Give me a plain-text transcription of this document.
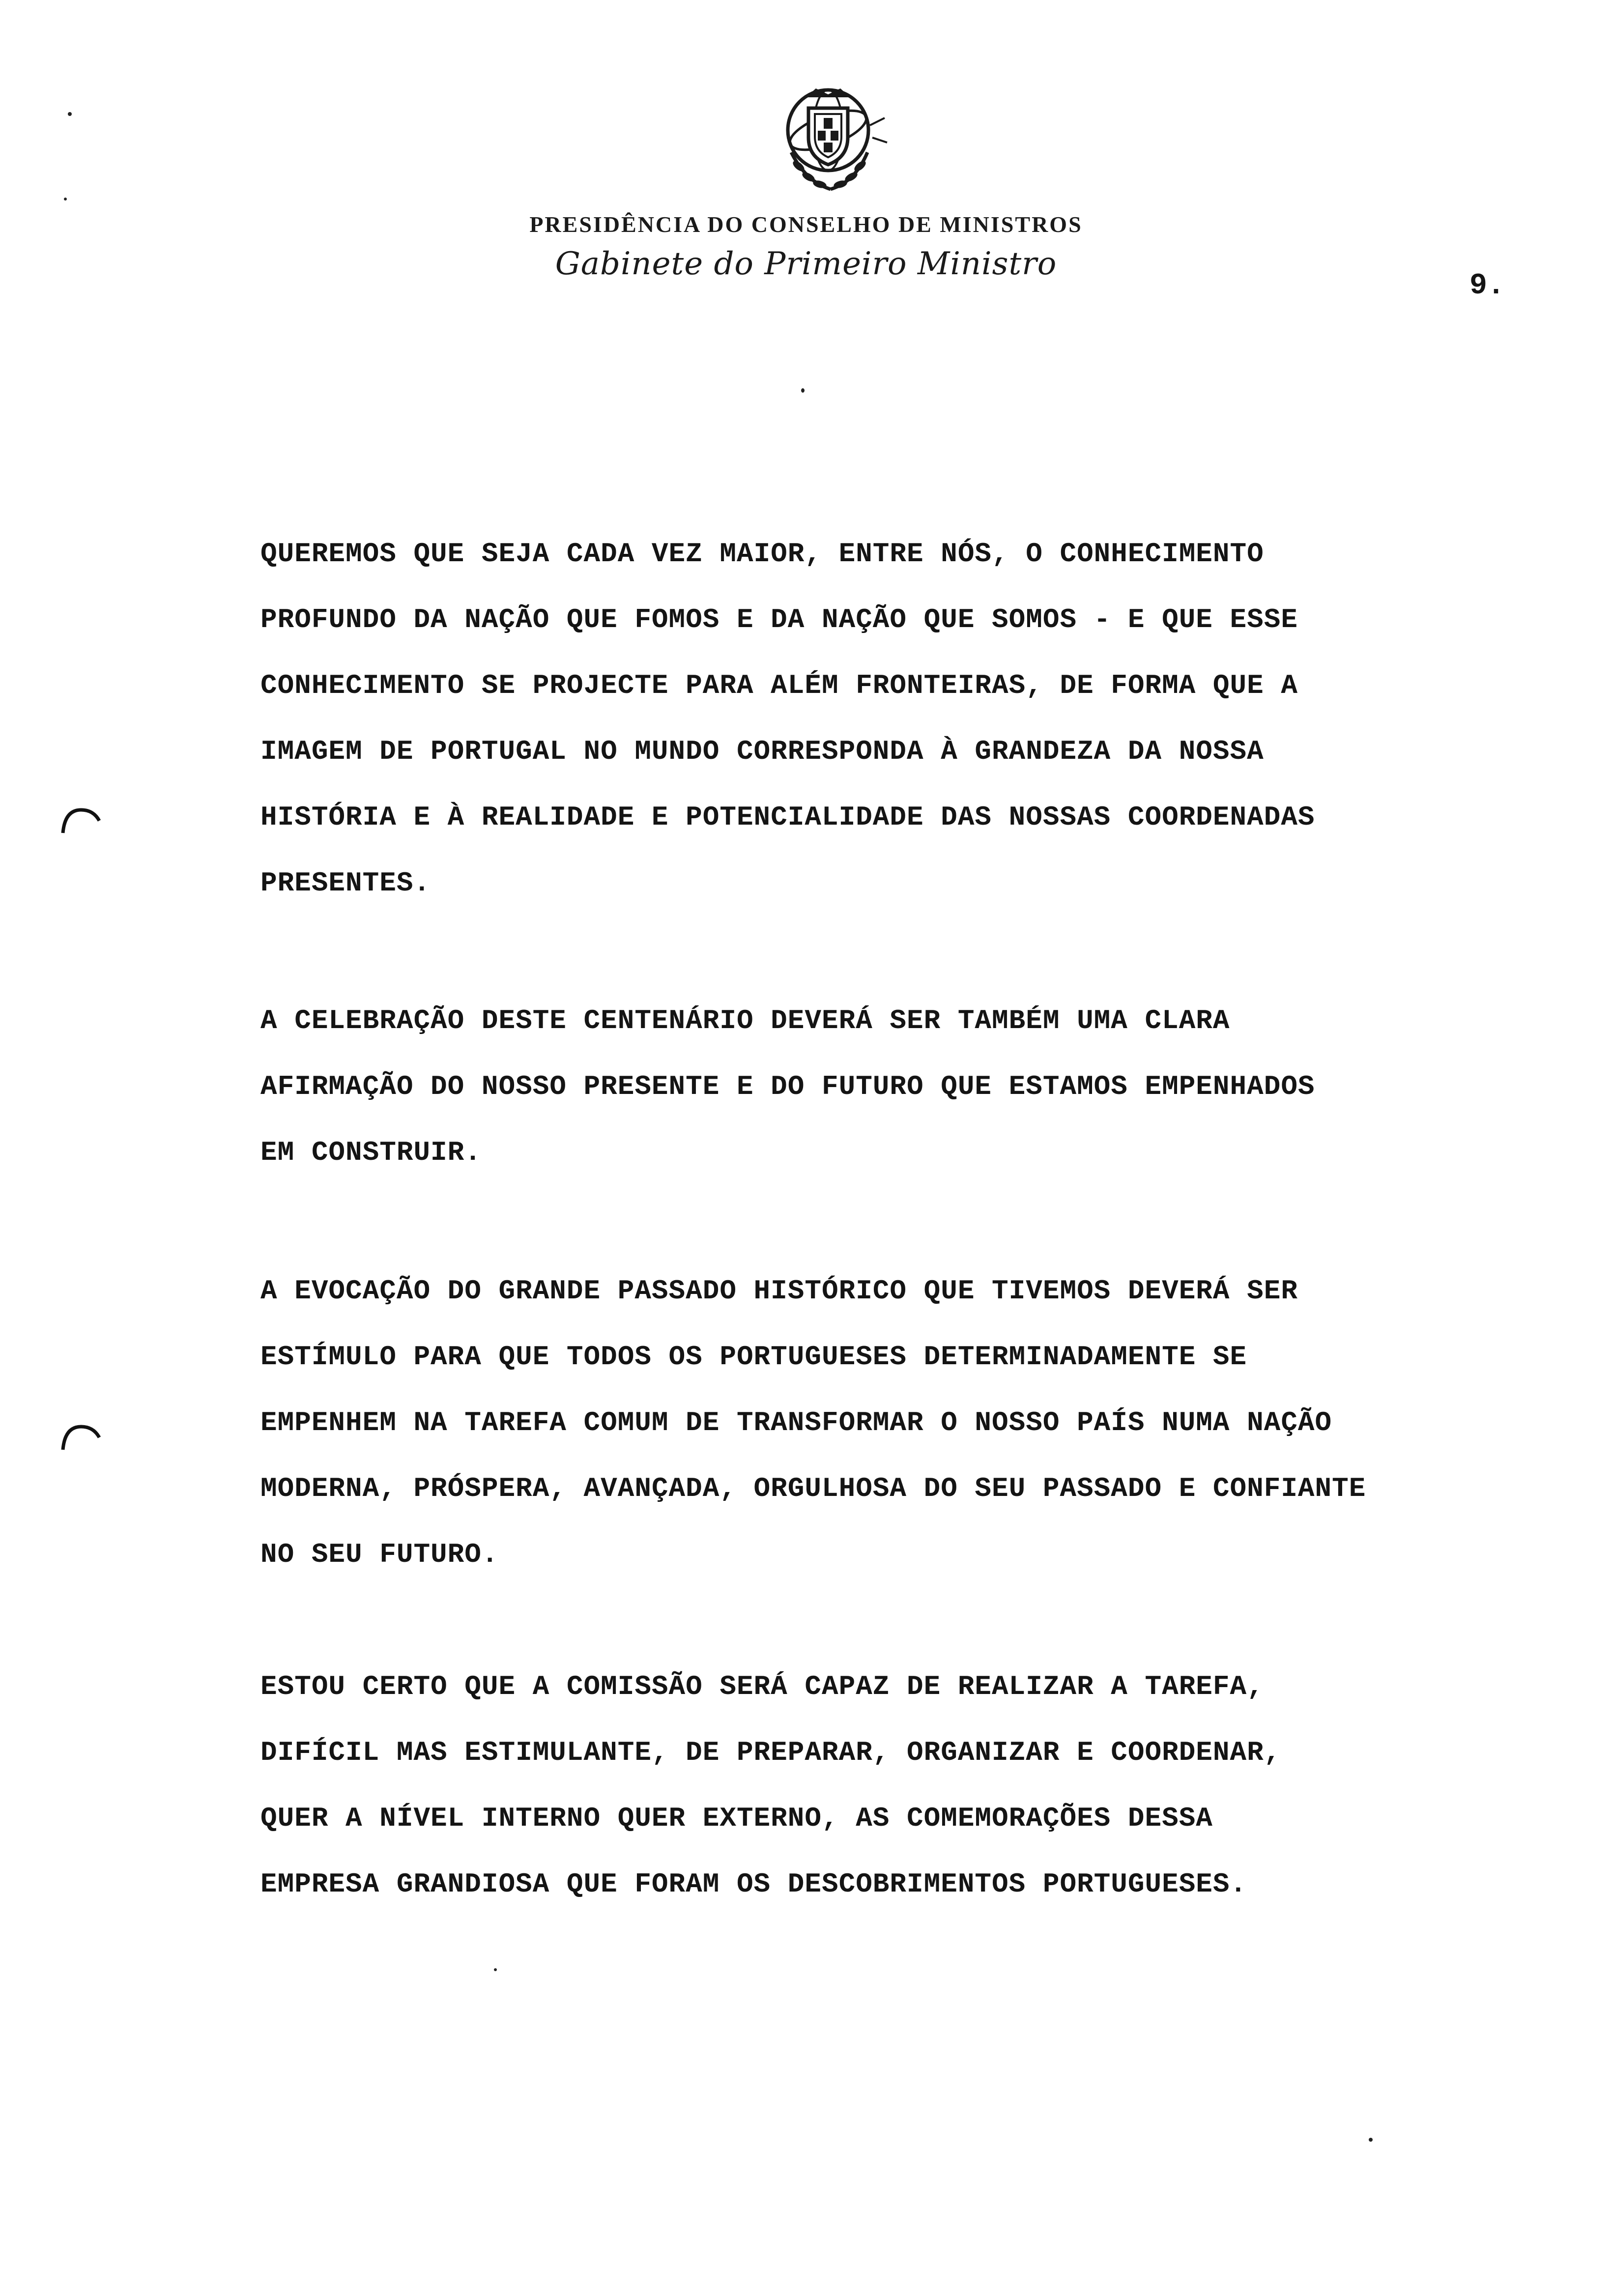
PRESIDÊNCIA DO CONSELHO DE MINISTROS
Gabinete do Primeiro Ministro
9.
QUEREMOS QUE SEJA CADA VEZ MAIOR, ENTRE NÓS, O CONHECIMENTO
PROFUNDO DA NAÇÃO QUE FOMOS E DA NAÇÃO QUE SOMOS - E QUE ESSE
CONHECIMENTO SE PROJECTE PARA ALÉM FRONTEIRAS, DE FORMA QUE A
IMAGEM DE PORTUGAL NO MUNDO CORRESPONDA À GRANDEZA DA NOSSA
HISTÓRIA E À REALIDADE E POTENCIALIDADE DAS NOSSAS COORDENADAS
PRESENTES.
A CELEBRAÇÃO DESTE CENTENÁRIO DEVERÁ SER TAMBÉM UMA CLARA
AFIRMAÇÃO DO NOSSO PRESENTE E DO FUTURO QUE ESTAMOS EMPENHADOS
EM CONSTRUIR.
A EVOCAÇÃO DO GRANDE PASSADO HISTÓRICO QUE TIVEMOS DEVERÁ SER
ESTÍMULO PARA QUE TODOS OS PORTUGUESES DETERMINADAMENTE SE
EMPENHEM NA TAREFA COMUM DE TRANSFORMAR O NOSSO PAÍS NUMA NAÇÃO
MODERNA, PRÓSPERA, AVANÇADA, ORGULHOSA DO SEU PASSADO E CONFIANTE
NO SEU FUTURO.
ESTOU CERTO QUE A COMISSÃO SERÁ CAPAZ DE REALIZAR A TAREFA,
DIFÍCIL MAS ESTIMULANTE, DE PREPARAR, ORGANIZAR E COORDENAR,
QUER A NÍVEL INTERNO QUER EXTERNO, AS COMEMORAÇÕES DESSA
EMPRESA GRANDIOSA QUE FORAM OS DESCOBRIMENTOS PORTUGUESES.
